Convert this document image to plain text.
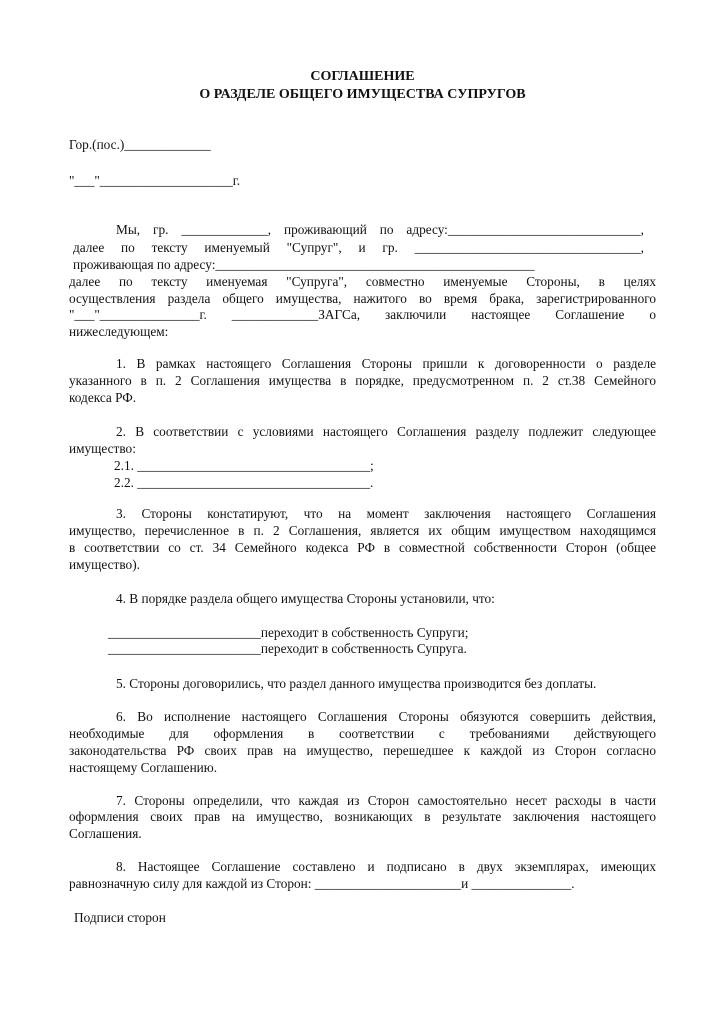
СОГЛАШЕНИЕ
О РАЗДЕЛЕ ОБЩЕГО ИМУЩЕСТВА СУПРУГОВ
Гор.(пос.)_____________
"___"____________________г.
Мы, гр. _____________, проживающий по адресу:_____________________________,
далее по тексту именуемый "Супруг", и гр. __________________________________,
проживающая по адресу:________________________________________________
далее по тексту именуемая "Супруга", совместно именуемые Стороны, в целях
осуществления раздела общего имущества, нажитого во время брака, зарегистрированного
"___"_______________г. _____________ЗАГСа, заключили настоящее Соглашение о
нижеследующем:
1. В рамках настоящего Соглашения Стороны пришли к договоренности о разделе
указанного в п. 2 Соглашения имущества в порядке, предусмотренном п. 2 ст.38 Семейного
кодекса РФ.
2. В соответствии с условиями настоящего Соглашения разделу подлежит следующее
имущество:
2.1. ___________________________________;
2.2. ___________________________________.
3. Стороны констатируют, что на момент заключения настоящего Соглашения
имущество, перечисленное в п. 2 Соглашения, является их общим имуществом находящимся
в соответствии со ст. 34 Семейного кодекса РФ в совместной собственности Сторон (общее
имущество).
4. В порядке раздела общего имущества Стороны установили, что:
_______________________переходит в собственность Супруги;
_______________________переходит в собственность Супруга.
5. Стороны договорились, что раздел данного имущества производится без доплаты.
6. Во исполнение настоящего Соглашения Стороны обязуются совершить действия,
необходимые для оформления в соответствии с требованиями действующего
законодательства РФ своих прав на имущество, перешедшее к каждой из Сторон согласно
настоящему Соглашению.
7. Стороны определили, что каждая из Сторон самостоятельно несет расходы в части
оформления своих прав на имущество, возникающих в результате заключения настоящего
Соглашения.
8. Настоящее Соглашение составлено и подписано в двух экземплярах, имеющих
равнозначную силу для каждой из Сторон: ______________________и _______________.
Подписи сторон
